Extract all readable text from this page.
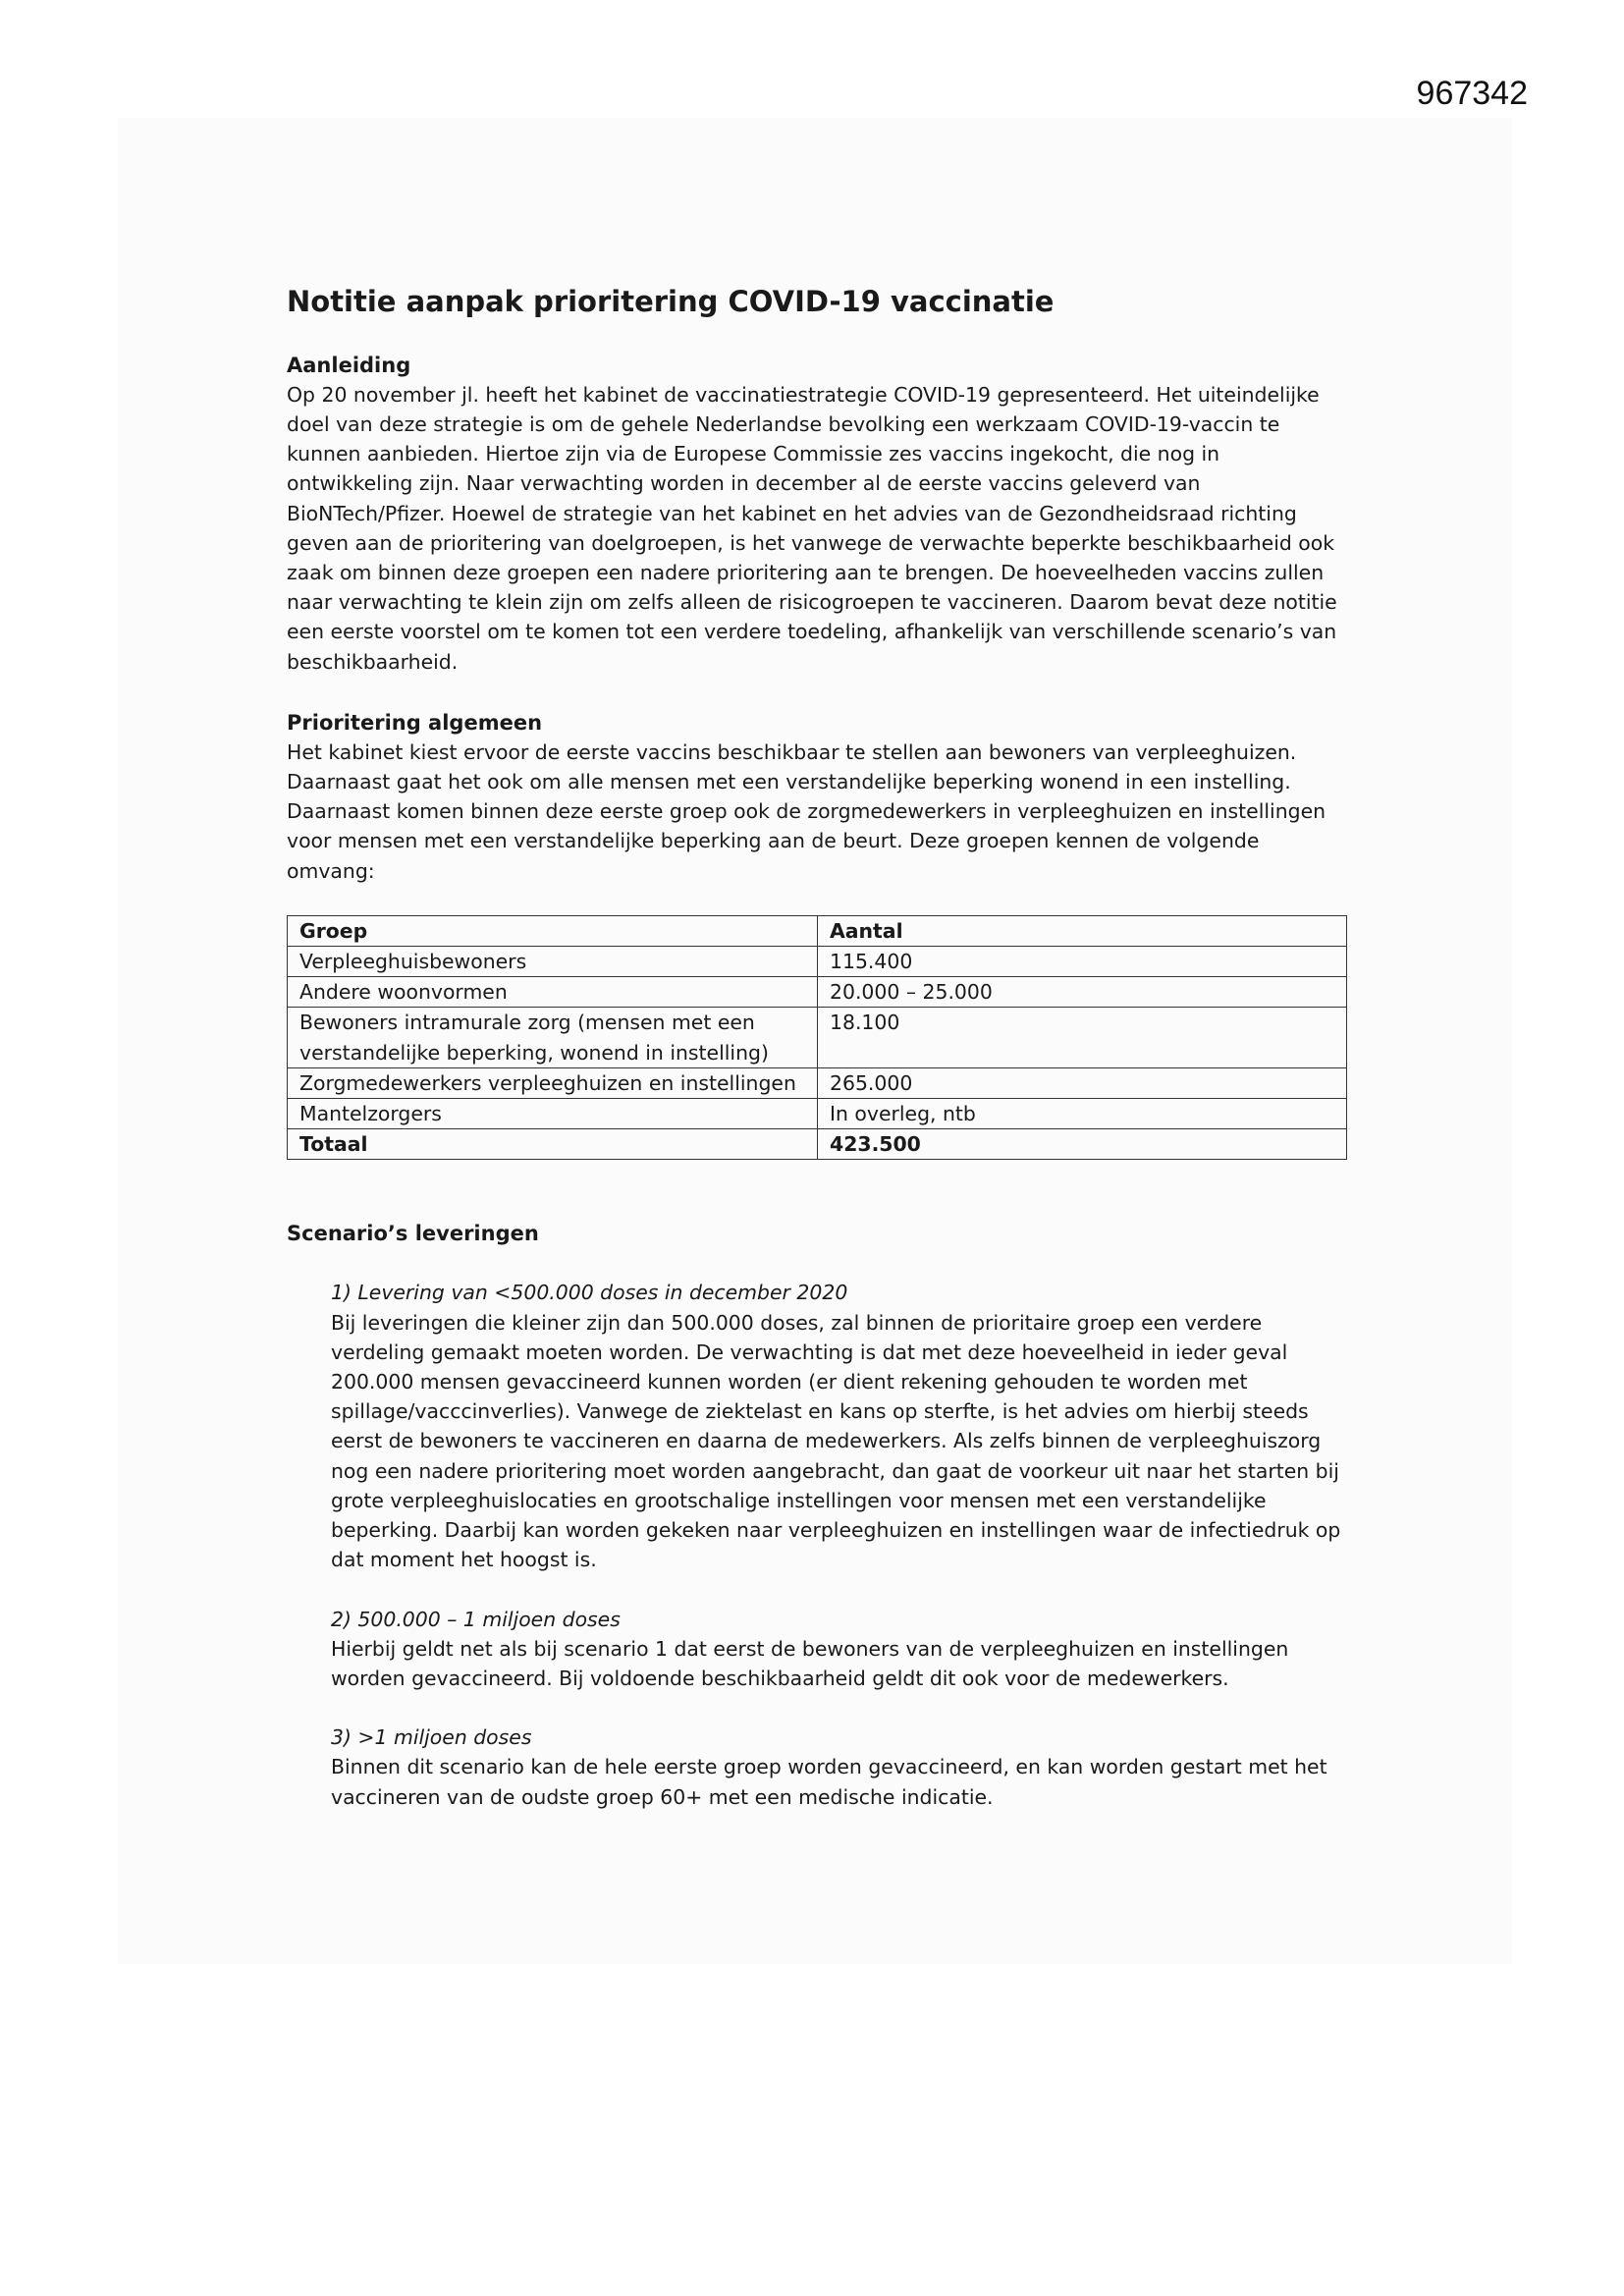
967342
Notitie aanpak prioritering COVID-19 vaccinatie
Aanleiding

Op 20 november jl. heeft het kabinet de vaccinatiestrategie COVID-19 gepresenteerd. Het uiteindelijke doel van deze strategie is om de gehele Nederlandse bevolking een werkzaam COVID-19-vaccin te kunnen aanbieden. Hiertoe zijn via de Europese Commissie zes vaccins ingekocht, die nog in ontwikkeling zijn. Naar verwachting worden in december al de eerste vaccins geleverd van BioNTech/Pfizer. Hoewel de strategie van het kabinet en het advies van de Gezondheidsraad richting geven aan de prioritering van doelgroepen, is het vanwege de verwachte beperkte beschikbaarheid ook zaak om binnen deze groepen een nadere prioritering aan te brengen. De hoeveelheden vaccins zullen naar verwachting te klein zijn om zelfs alleen de risicogroepen te vaccineren. Daarom bevat deze notitie een eerste voorstel om te komen tot een verdere toedeling, afhankelijk van verschillende scenario’s van beschikbaarheid.

Prioritering algemeen

Het kabinet kiest ervoor de eerste vaccins beschikbaar te stellen aan bewoners van verpleeghuizen. Daarnaast gaat het ook om alle mensen met een verstandelijke beperking wonend in een instelling. Daarnaast komen binnen deze eerste groep ook de zorgmedewerkers in verpleeghuizen en instellingen voor mensen met een verstandelijke beperking aan de beurt. Deze groepen kennen de volgende omvang:

Groep	Aantal
Verpleeghuisbewoners	115.400
Andere woonvormen	20.000 – 25.000
Bewoners intramurale zorg (mensen met een verstandelijke beperking, wonend in instelling)	18.100
Zorgmedewerkers verpleeghuizen en instellingen	265.000
Mantelzorgers	In overleg, ntb
Totaal	423.500
Scenario’s leveringen
1) Levering van <500.000 doses in december 2020

Bij leveringen die kleiner zijn dan 500.000 doses, zal binnen de prioritaire groep een verdere verdeling gemaakt moeten worden. De verwachting is dat met deze hoeveelheid in ieder geval 200.000 mensen gevaccineerd kunnen worden (er dient rekening gehouden te worden met spillage/vacccinverlies). Vanwege de ziektelast en kans op sterfte, is het advies om hierbij steeds eerst de bewoners te vaccineren en daarna de medewerkers. Als zelfs binnen de verpleeghuiszorg nog een nadere prioritering moet worden aangebracht, dan gaat de voorkeur uit naar het starten bij grote verpleeghuislocaties en grootschalige instellingen voor mensen met een verstandelijke beperking. Daarbij kan worden gekeken naar verpleeghuizen en instellingen waar de infectiedruk op dat moment het hoogst is.

2) 500.000 – 1 miljoen doses

Hierbij geldt net als bij scenario 1 dat eerst de bewoners van de verpleeghuizen en instellingen worden gevaccineerd. Bij voldoende beschikbaarheid geldt dit ook voor de medewerkers.

3) >1 miljoen doses

Binnen dit scenario kan de hele eerste groep worden gevaccineerd, en kan worden gestart met het vaccineren van de oudste groep 60+ met een medische indicatie.
